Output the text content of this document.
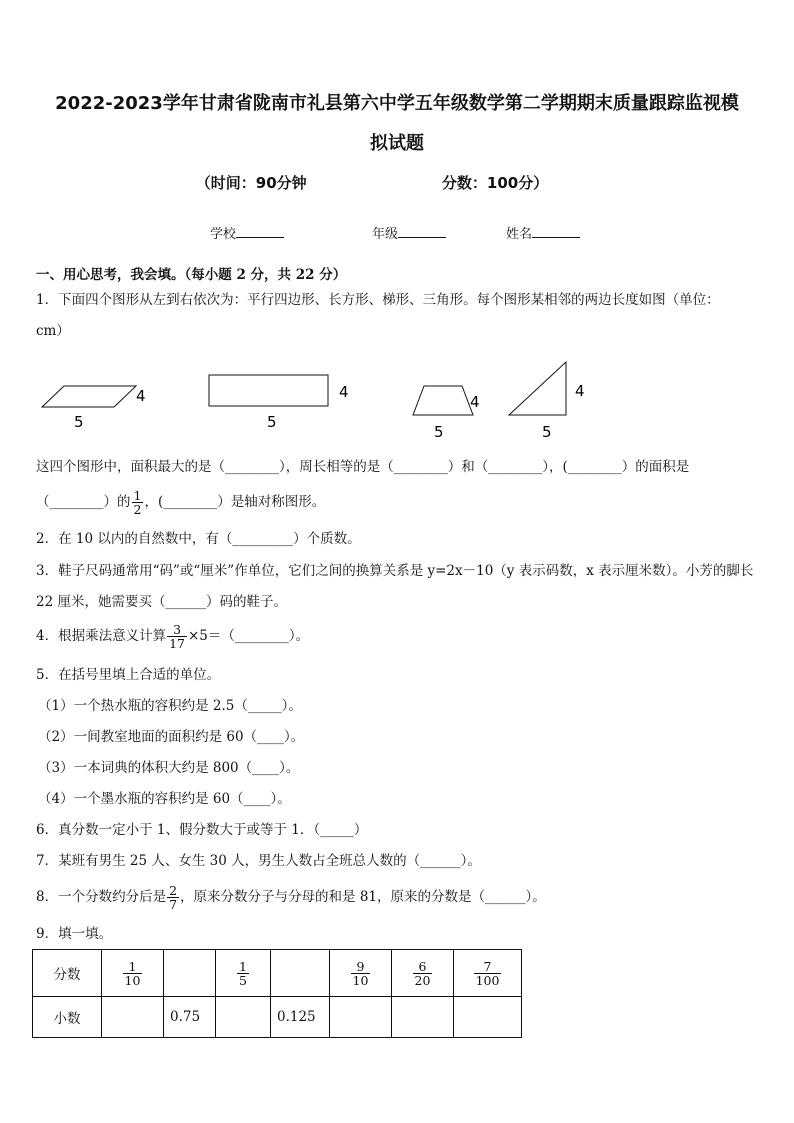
2022-2023学年甘肃省陇南市礼县第六中学五年级数学第二学期期末质量跟踪监视模
拟试题
（时间：90分钟	分数：100分）
学校	年级	姓名
一、用心思考，我会填。（每小题 2 分，共 22 分）
1．下面四个图形从左到右依次为：平行四边形、长方形、梯形、三角形。每个图形某相邻的两边长度如图（单位：
cm）
4
5
4
5
4
5
4
5
这四个图形中，面积最大的是（________），周长相等的是（________）和（________），(________）的面积是
（________）的 $\frac{1}{2}$ ，(________）是轴对称图形。
2．在 10 以内的自然数中，有（_________）个质数。
3．鞋子尺码通常用“码”或“厘米”作单位，它们之间的换算关系是 y=2x－10（y 表示码数，x 表示厘米数）。小芳的脚长
22 厘米，她需要买（______）码的鞋子。
4．根据乘法意义计算 $\frac{3}{17}$ ×5＝（________）。
5．在括号里填上合适的单位。
（1）一个热水瓶的容积约是 2.5（_____）。
（2）一间教室地面的面积约是 60（____）。
（3）一本词典的体积大约是 800（____）。
（4）一个墨水瓶的容积约是 60（____）。
6．真分数一定小于 1、假分数大于或等于 1．（_____）
7．某班有男生 25 人、女生 30 人，男生人数占全班总人数的（______）。
8．一个分数约分后是 $\frac{2}{7}$ ，原来分数分子与分母的和是 81，原来的分数是（______）。
9．填一填。
分数	$\frac{1}{10}$		$\frac{1}{5}$		$\frac{9}{10}$	$\frac{6}{20}$	$\frac{7}{100}$

小数		0.75		0.125			
